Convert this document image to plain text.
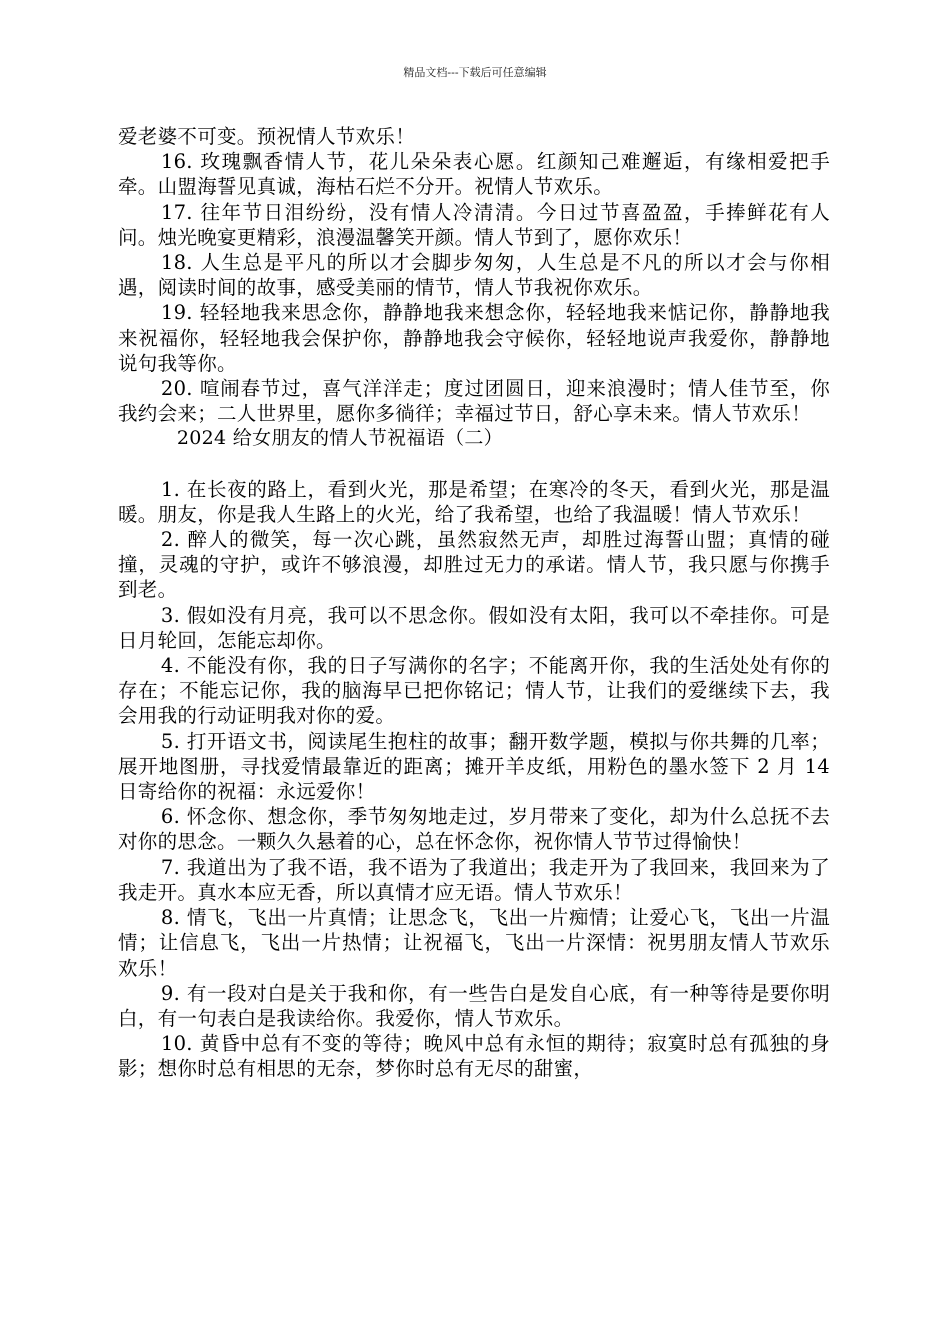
精品文档---下载后可任意编辑

爱老婆不可变。预祝情人节欢乐！

16. 玫瑰飘香情人节，花儿朵朵表心愿。红颜知己难邂逅，有缘相爱把手牵。山盟海誓见真诚，海枯石烂不分开。祝情人节欢乐。

17. 往年节日泪纷纷，没有情人冷清清。今日过节喜盈盈，手捧鲜花有人问。烛光晚宴更精彩，浪漫温馨笑开颜。情人节到了，愿你欢乐！

18. 人生总是平凡的所以才会脚步匆匆，人生总是不凡的所以才会与你相遇，阅读时间的故事，感受美丽的情节，情人节我祝你欢乐。

19. 轻轻地我来思念你，静静地我来想念你，轻轻地我来惦记你，静静地我来祝福你，轻轻地我会保护你，静静地我会守候你，轻轻地说声我爱你，静静地说句我等你。

20. 喧闹春节过，喜气洋洋走；度过团圆日，迎来浪漫时；情人佳节至，你我约会来；二人世界里，愿你多徜徉；幸福过节日，舒心享未来。情人节欢乐！

2024 给女朋友的情人节祝福语（二）

1. 在长夜的路上，看到火光，那是希望；在寒冷的冬天，看到火光，那是温暖。朋友，你是我人生路上的火光，给了我希望，也给了我温暖！情人节欢乐！

2. 醉人的微笑，每一次心跳，虽然寂然无声，却胜过海誓山盟；真情的碰撞，灵魂的守护，或许不够浪漫，却胜过无力的承诺。情人节，我只愿与你携手到老。

3. 假如没有月亮，我可以不思念你。假如没有太阳，我可以不牵挂你。可是日月轮回，怎能忘却你。

4. 不能没有你，我的日子写满你的名字；不能离开你，我的生活处处有你的存在；不能忘记你，我的脑海早已把你铭记；情人节，让我们的爱继续下去，我会用我的行动证明我对你的爱。

5. 打开语文书，阅读尾生抱柱的故事；翻开数学题，模拟与你共舞的几率；展开地图册，寻找爱情最靠近的距离；摊开羊皮纸，用粉色的墨水签下 2 月 14 日寄给你的祝福：永远爱你！

6. 怀念你、想念你，季节匆匆地走过，岁月带来了变化，却为什么总抚不去对你的思念。一颗久久悬着的心，总在怀念你，祝你情人节节过得愉快！

7. 我道出为了我不语，我不语为了我道出；我走开为了我回来，我回来为了我走开。真水本应无香，所以真情才应无语。情人节欢乐！

8. 情飞，飞出一片真情；让思念飞，飞出一片痴情；让爱心飞，飞出一片温情；让信息飞，飞出一片热情；让祝福飞，飞出一片深情：祝男朋友情人节欢乐欢乐！

9. 有一段对白是关于我和你，有一些告白是发自心底，有一种等待是要你明白，有一句表白是我读给你。我爱你，情人节欢乐。

10. 黄昏中总有不变的等待；晚风中总有永恒的期待；寂寞时总有孤独的身影；想你时总有相思的无奈，梦你时总有无尽的甜蜜，
